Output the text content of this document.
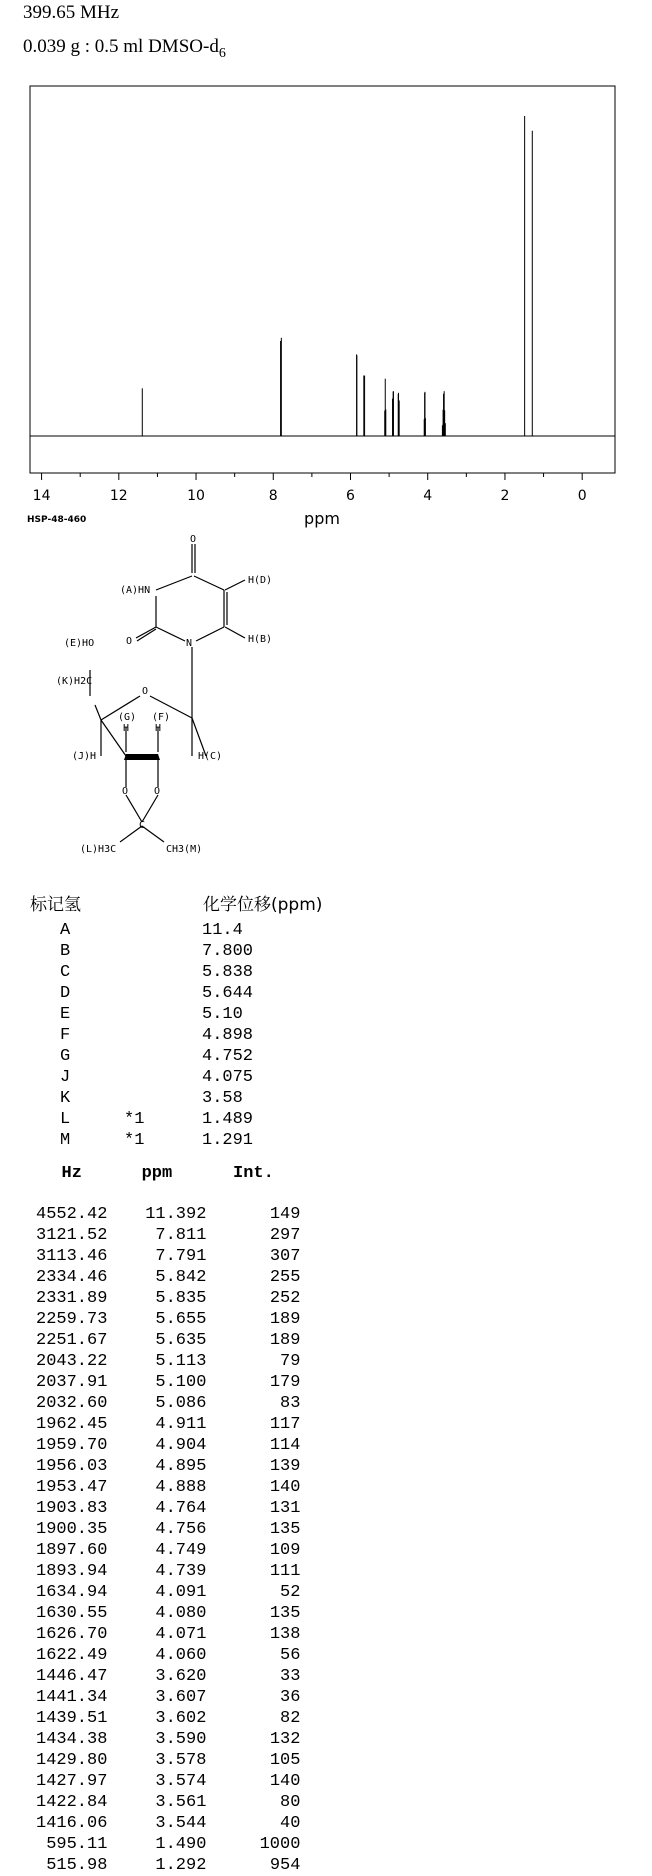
399.65 MHz
0.039 g : 0.5 ml DMSO-$d_6$
14	12	10	8	6	4	2	0
ppm
HSP-48-460
O
(A)HN
H(D)
O	N	H(B)
(E)HO
(K)H2C
O
(G)
H
(F)
H
(J)H	H(C)
O	O
C
(L)H3C	CH3(M)
标记氢	化学位移(ppm)
A		11.4
B		7.800
C		5.838
D		5.644
E		5.10
F		4.898
G		4.752
J		4.075
K		3.58
L	*1	1.489
M	*1	1.291
Hz	ppm	Int.
4552.42	11.392	149
3121.52	7.811	297
3113.46	7.791	307
2334.46	5.842	255
2331.89	5.835	252
2259.73	5.655	189
2251.67	5.635	189
2043.22	5.113	79
2037.91	5.100	179
2032.60	5.086	83
1962.45	4.911	117
1959.70	4.904	114
1956.03	4.895	139
1953.47	4.888	140
1903.83	4.764	131
1900.35	4.756	135
1897.60	4.749	109
1893.94	4.739	111
1634.94	4.091	52
1630.55	4.080	135
1626.70	4.071	138
1622.49	4.060	56
1446.47	3.620	33
1441.34	3.607	36
1439.51	3.602	82
1434.38	3.590	132
1429.80	3.578	105
1427.97	3.574	140
1422.84	3.561	80
1416.06	3.544	40
595.11	1.490	1000
515.98	1.292	954
